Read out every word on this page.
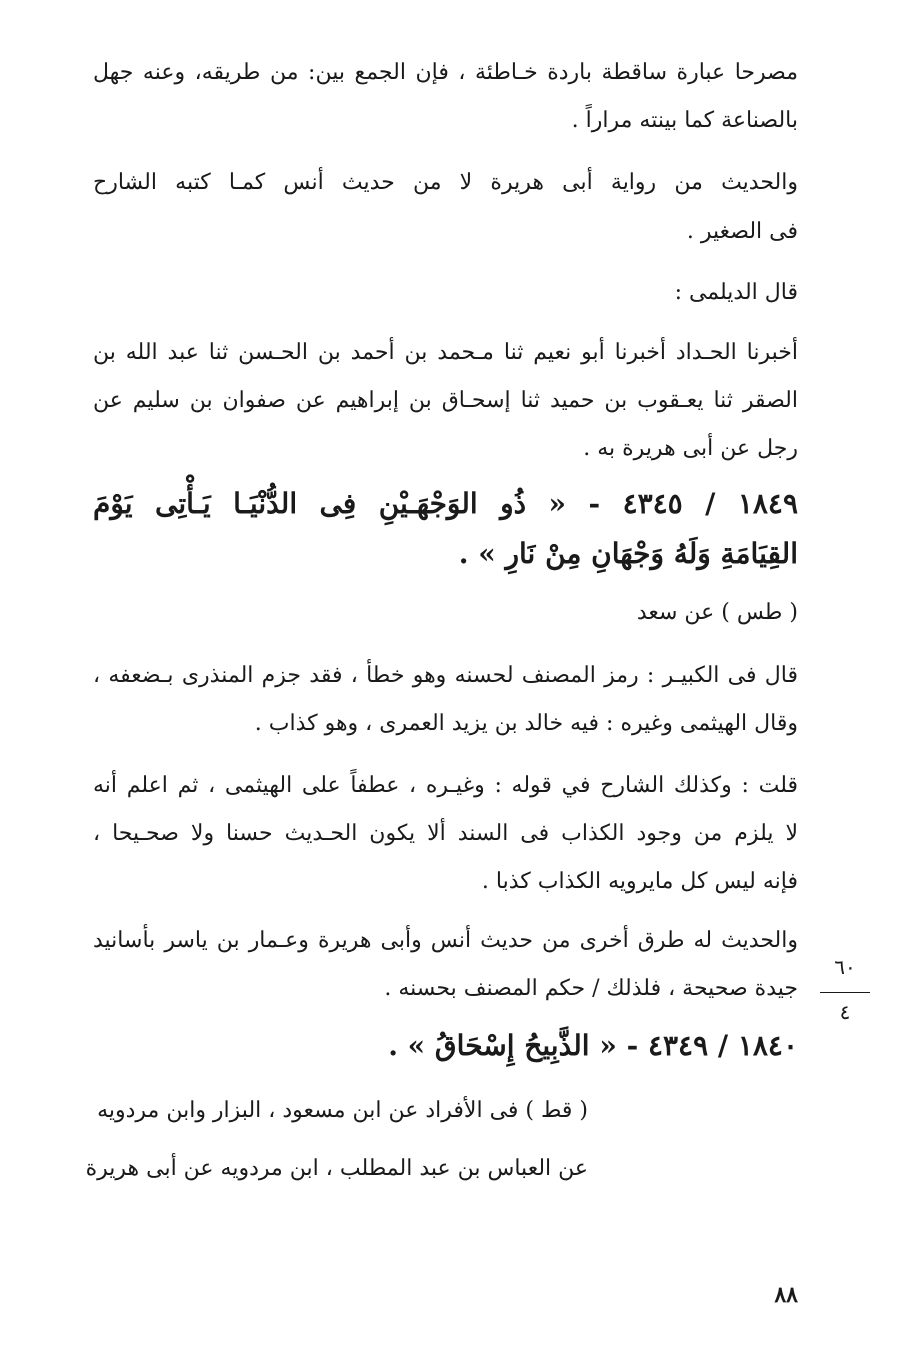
مصرحا عبارة ساقطة باردة خـاطئة ، فإن الجمع بين: من طريقه، وعنه جهل
بالصناعة كما بينته مراراً .
والحديث من رواية أبى هريرة لا من حديث أنس كمـا كتبه الشارح
فى الصغير .
قال الديلمى :
أخبرنا الحـداد أخبرنا أبو نعيم ثنا مـحمد بن أحمد بن الحـسن ثنا عبد الله بن
الصقر ثنا يعـقوب بن حميد ثنا إسحـاق بن إبراهيم عن صفوان بن سليم عن
رجل عن أبى هريرة به .
١٨٤٩ / ٤٣٤٥ - « ذُو الوَجْهَـيْنِ فِى الدُّنْيَـا يَـأْتِى يَوْمَ
القِيَامَةِ وَلَهُ وَجْهَانِ مِنْ نَارِ » .
( طس ) عن سعد
قال فى الكبيـر : رمز المصنف لحسنه وهو خطأ ، فقد جزم المنذرى بـضعفه ،
وقال الهيثمى وغيره : فيه خالد بن يزيد العمرى ، وهو كذاب .
قلت : وكذلك الشارح في قوله : وغيـره ، عطفاً على الهيثمى ، ثم اعلم أنه
لا يلزم من وجود الكذاب فى السند ألا يكون الحـديث حسنا ولا صحـيحا ،
فإنه ليس كل مايرويه الكذاب كذبا .
والحديث له طرق أخرى من حديث أنس وأبى هريرة وعـمار بن ياسر بأسانيد
جيدة صحيحة ، فلذلك / حكم المصنف بحسنه .
١٨٤٠ / ٤٣٤٩ - « الذَّبِيحُ إِسْحَاقُ » .
( قط ) فى الأفراد عن ابن مسعود ، البزار وابن مردويه
عن العباس بن عبد المطلب ، ابن مردويه عن أبى هريرة
٦٠
٤
٨٨
